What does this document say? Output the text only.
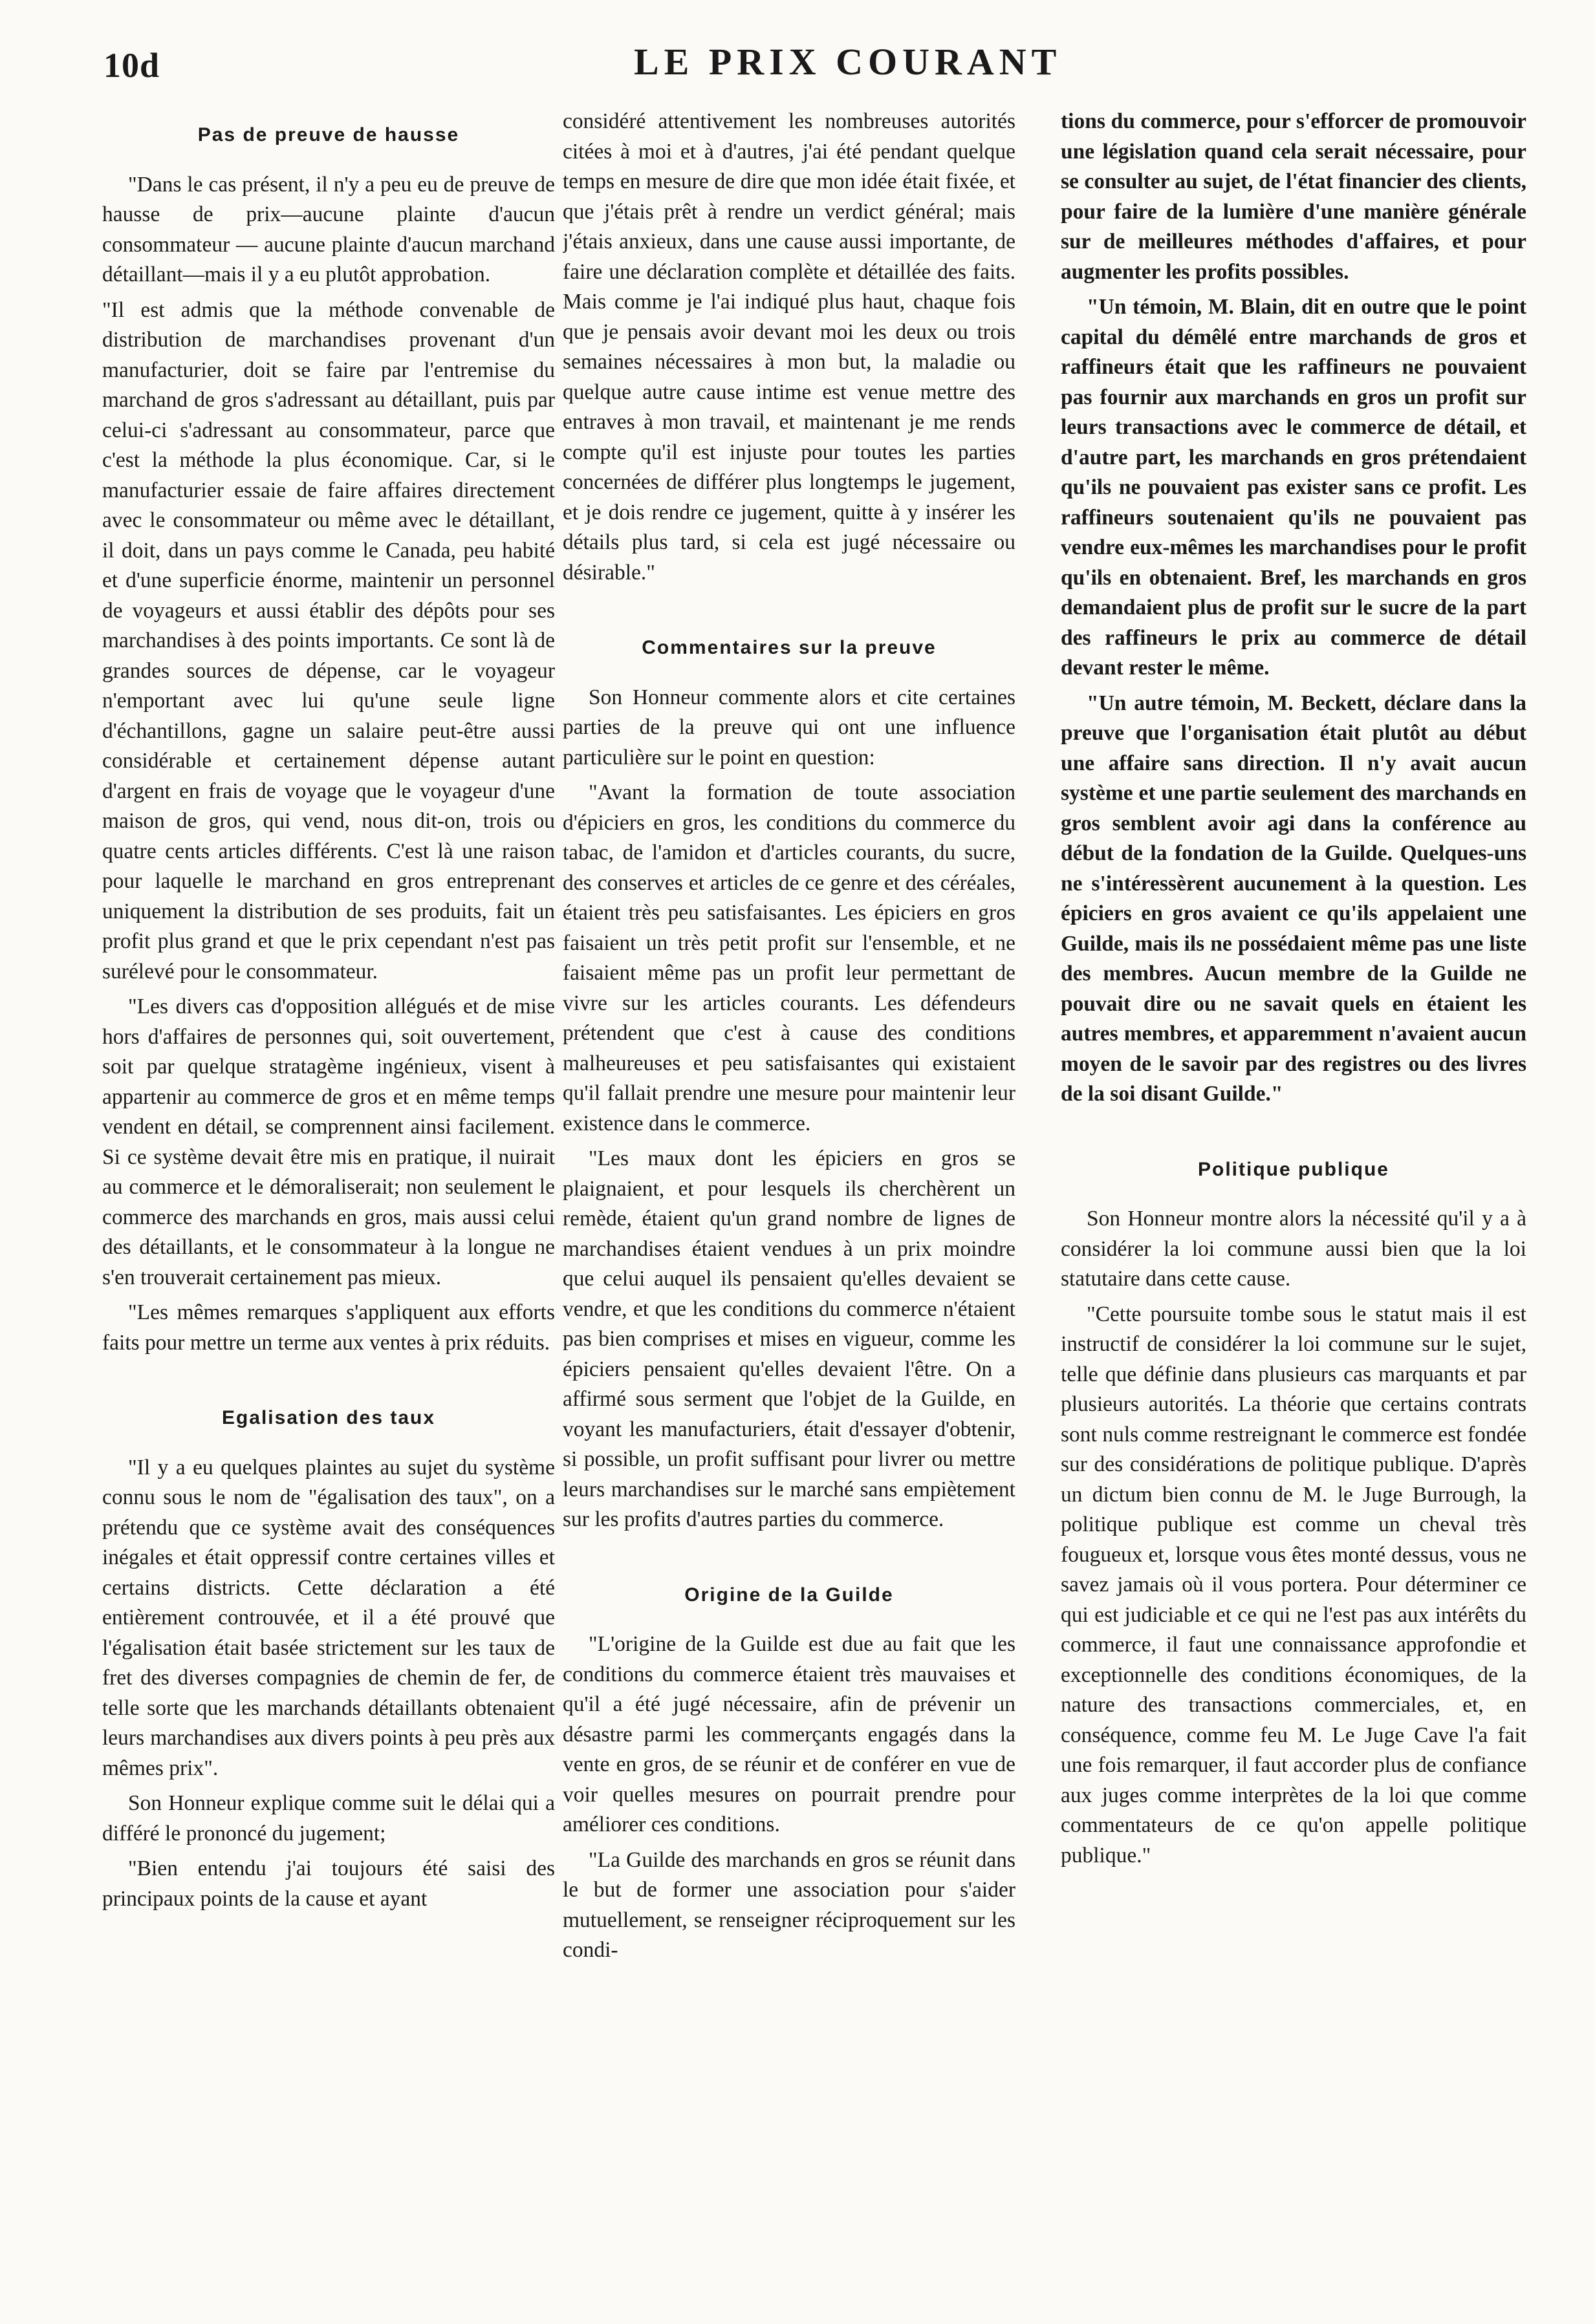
10d	LE PRIX COURANT
Pas de preuve de hausse

"Dans le cas présent, il n'y a peu eu de preuve de hausse de prix—aucune plainte d'aucun consommateur — aucune plainte d'aucun marchand détaillant—mais il y a eu plutôt approbation.

"Il est admis que la méthode convenable de distribution de marchandises provenant d'un manufacturier, doit se faire par l'entremise du marchand de gros s'adressant au détaillant, puis par celui-ci s'adressant au consommateur, parce que c'est la méthode la plus économique. Car, si le manufacturier essaie de faire affaires directement avec le consommateur ou même avec le détaillant, il doit, dans un pays comme le Canada, peu habité et d'une superficie énorme, maintenir un personnel de voyageurs et aussi établir des dépôts pour ses marchandises à des points importants. Ce sont là de grandes sources de dépense, car le voyageur n'emportant avec lui qu'une seule ligne d'échantillons, gagne un salaire peut-être aussi considérable et certainement dépense autant d'argent en frais de voyage que le voyageur d'une maison de gros, qui vend, nous dit-on, trois ou quatre cents articles différents. C'est là une raison pour laquelle le marchand en gros entreprenant uniquement la distribution de ses produits, fait un profit plus grand et que le prix cependant n'est pas surélevé pour le consommateur.

"Les divers cas d'opposition allégués et de mise hors d'affaires de personnes qui, soit ouvertement, soit par quelque stratagème ingénieux, visent à appartenir au commerce de gros et en même temps vendent en détail, se comprennent ainsi facilement. Si ce système devait être mis en pratique, il nuirait au commerce et le démoraliserait; non seulement le commerce des marchands en gros, mais aussi celui des détaillants, et le consommateur à la longue ne s'en trouverait certainement pas mieux.

"Les mêmes remarques s'appliquent aux efforts faits pour mettre un terme aux ventes à prix réduits.

Egalisation des taux

"Il y a eu quelques plaintes au sujet du système connu sous le nom de "égalisation des taux", on a prétendu que ce système avait des conséquences inégales et était oppressif contre certaines villes et certains districts. Cette déclaration a été entièrement controuvée, et il a été prouvé que l'égalisation était basée strictement sur les taux de fret des diverses compagnies de chemin de fer, de telle sorte que les marchands détaillants obtenaient leurs marchandises aux divers points à peu près aux mêmes prix".

Son Honneur explique comme suit le délai qui a différé le prononcé du jugement;

"Bien entendu j'ai toujours été saisi des principaux points de la cause et ayant

considéré attentivement les nombreuses autorités citées à moi et à d'autres, j'ai été pendant quelque temps en mesure de dire que mon idée était fixée, et que j'étais prêt à rendre un verdict général; mais j'étais anxieux, dans une cause aussi importante, de faire une déclaration complète et détaillée des faits. Mais comme je l'ai indiqué plus haut, chaque fois que je pensais avoir devant moi les deux ou trois semaines nécessaires à mon but, la maladie ou quelque autre cause intime est venue mettre des entraves à mon travail, et maintenant je me rends compte qu'il est injuste pour toutes les parties concernées de différer plus longtemps le jugement, et je dois rendre ce jugement, quitte à y insérer les détails plus tard, si cela est jugé nécessaire ou désirable."

Commentaires sur la preuve

Son Honneur commente alors et cite certaines parties de la preuve qui ont une influence particulière sur le point en question:

"Avant la formation de toute association d'épiciers en gros, les conditions du commerce du tabac, de l'amidon et d'articles courants, du sucre, des conserves et articles de ce genre et des céréales, étaient très peu satisfaisantes. Les épiciers en gros faisaient un très petit profit sur l'ensemble, et ne faisaient même pas un profit leur permettant de vivre sur les articles courants. Les défendeurs prétendent que c'est à cause des conditions malheureuses et peu satisfaisantes qui existaient qu'il fallait prendre une mesure pour maintenir leur existence dans le commerce.

"Les maux dont les épiciers en gros se plaignaient, et pour lesquels ils cherchèrent un remède, étaient qu'un grand nombre de lignes de marchandises étaient vendues à un prix moindre que celui auquel ils pensaient qu'elles devaient se vendre, et que les conditions du commerce n'étaient pas bien comprises et mises en vigueur, comme les épiciers pensaient qu'elles devaient l'être. On a affirmé sous serment que l'objet de la Guilde, en voyant les manufacturiers, était d'essayer d'obtenir, si possible, un profit suffisant pour livrer ou mettre leurs marchandises sur le marché sans empiètement sur les profits d'autres parties du commerce.

Origine de la Guilde

"L'origine de la Guilde est due au fait que les conditions du commerce étaient très mauvaises et qu'il a été jugé nécessaire, afin de prévenir un désastre parmi les commerçants engagés dans la vente en gros, de se réunir et de conférer en vue de voir quelles mesures on pourrait prendre pour améliorer ces conditions.

"La Guilde des marchands en gros se réunit dans le but de former une association pour s'aider mutuellement, se renseigner réciproquement sur les condi-

tions du commerce, pour s'efforcer de promouvoir une législation quand cela serait nécessaire, pour se consulter au sujet, de l'état financier des clients, pour faire de la lumière d'une manière générale sur de meilleures méthodes d'affaires, et pour augmenter les profits possibles.

"Un témoin, M. Blain, dit en outre que le point capital du démêlé entre marchands de gros et raffineurs était que les raffineurs ne pouvaient pas fournir aux marchands en gros un profit sur leurs transactions avec le commerce de détail, et d'autre part, les marchands en gros prétendaient qu'ils ne pouvaient pas exister sans ce profit. Les raffineurs soutenaient qu'ils ne pouvaient pas vendre eux-mêmes les marchandises pour le profit qu'ils en obtenaient. Bref, les marchands en gros demandaient plus de profit sur le sucre de la part des raffineurs le prix au commerce de détail devant rester le même.

"Un autre témoin, M. Beckett, déclare dans la preuve que l'organisation était plutôt au début une affaire sans direction. Il n'y avait aucun système et une partie seulement des marchands en gros semblent avoir agi dans la conférence au début de la fondation de la Guilde. Quelques-uns ne s'intéressèrent aucunement à la question. Les épiciers en gros avaient ce qu'ils appelaient une Guilde, mais ils ne possédaient même pas une liste des membres. Aucun membre de la Guilde ne pouvait dire ou ne savait quels en étaient les autres membres, et apparemment n'avaient aucun moyen de le savoir par des registres ou des livres de la soi disant Guilde."

Politique publique

Son Honneur montre alors la nécessité qu'il y a à considérer la loi commune aussi bien que la loi statutaire dans cette cause.

"Cette poursuite tombe sous le statut mais il est instructif de considérer la loi commune sur le sujet, telle que définie dans plusieurs cas marquants et par plusieurs autorités. La théorie que certains contrats sont nuls comme restreignant le commerce est fondée sur des considérations de politique publique. D'après un dictum bien connu de M. le Juge Burrough, la politique publique est comme un cheval très fougueux et, lorsque vous êtes monté dessus, vous ne savez jamais où il vous portera. Pour déterminer ce qui est judiciable et ce qui ne l'est pas aux intérêts du commerce, il faut une connaissance approfondie et exceptionnelle des conditions économiques, de la nature des transactions commerciales, et, en conséquence, comme feu M. Le Juge Cave l'a fait une fois remarquer, il faut accorder plus de confiance aux juges comme interprètes de la loi que comme commentateurs de ce qu'on appelle politique publique."
